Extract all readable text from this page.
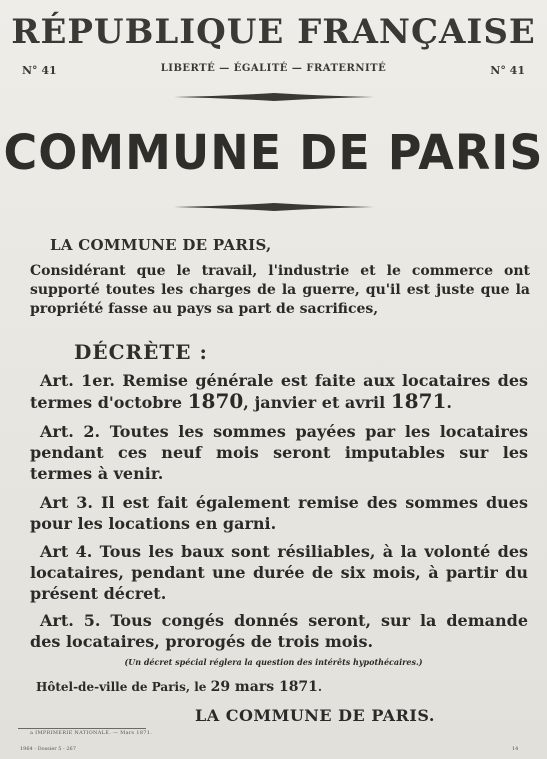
RÉPUBLIQUE FRANÇAISE
N° 41	LIBERTÉ — ÉGALITÉ — FRATERNITÉ	N° 41
COMMUNE DE PARIS
LA COMMUNE DE PARIS,
Considérant que le travail, l'industrie et le commerce ont supporté toutes les charges de la guerre, qu'il est juste que la propriété fasse au pays sa part de sacrifices,
DÉCRÈTE :
Art. 1er. Remise générale est faite aux locataires des termes d'octobre 1870, janvier et avril 1871.
Art. 2. Toutes les sommes payées par les locataires pendant ces neuf mois seront imputables sur les termes à venir.
Art 3. Il est fait également remise des sommes dues pour les locations en garni.
Art 4. Tous les baux sont résiliables, à la volonté des locataires, pendant une durée de six mois, à partir du présent décret.
Art. 5. Tous congés donnés seront, sur la demande des locataires, prorogés de trois mois.
(Un décret spécial réglera la question des intérêts hypothécaires.)
Hôtel-de-ville de Paris, le 29 mars 1871.
LA COMMUNE DE PARIS.
a IMPRIMERIE NATIONALE. — Mars 1871.
1964 - Dossier 5 - 267	14
